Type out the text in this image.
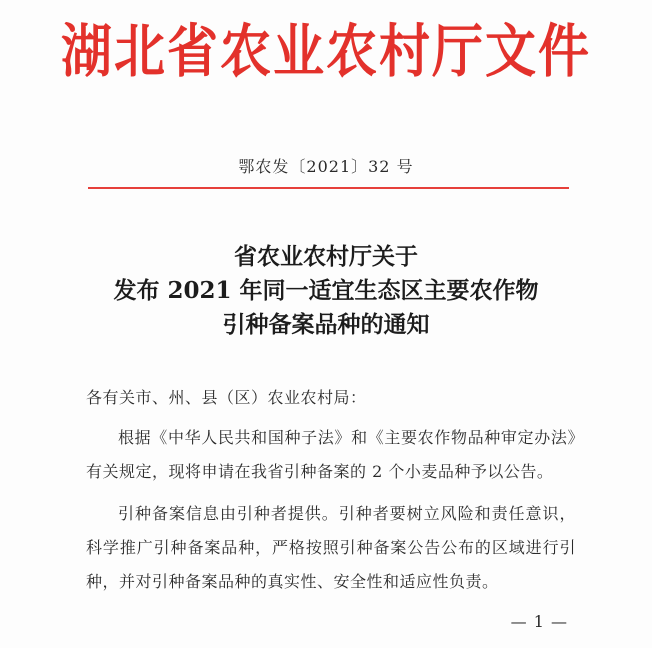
湖北省农业农村厅文件
鄂农发〔2021〕32 号
省农业农村厅关于
发布 2021 年同一适宜生态区主要农作物
引种备案品种的通知

各有关市、州、县（区）农业农村局：

根据《中华人民共和国种子法》和《主要农作物品种审定办法》有关规定，现将申请在我省引种备案的 2 个小麦品种予以公告。

引种备案信息由引种者提供。引种者要树立风险和责任意识，科学推广引种备案品种，严格按照引种备案公告公布的区域进行引种，并对引种备案品种的真实性、安全性和适应性负责。

— 1 —
